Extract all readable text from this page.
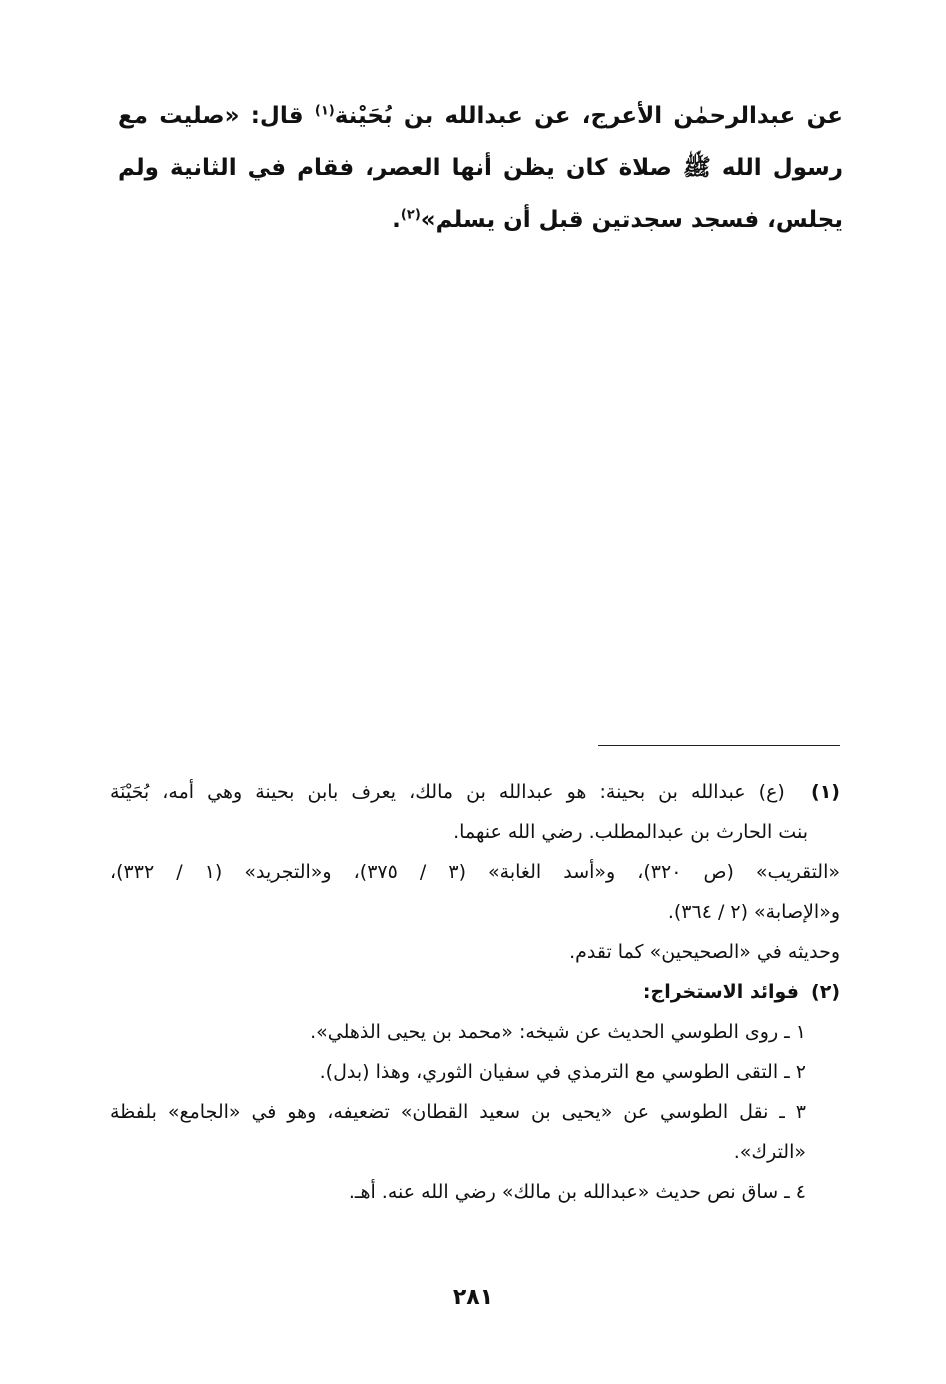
عن عبدالرحمٰن الأعرج، عن عبدالله بن بُحَيْنة$^{(١)}$ قال: «صليت مع رسول الله ﷺ صلاة كان يظن أنها العصر، فقام في الثانية ولم يجلس، فسجد سجدتين قبل أن يسلم»$^{(٢)}$.

(١)  (ع) عبدالله بن بحينة: هو عبدالله بن مالك، يعرف بابن بحينة وهي أمه، بُحَيْنَة
بنت الحارث بن عبدالمطلب. رضي الله عنهما.
«التقريب» (ص ٣٢٠)، و«أسد الغابة» (٣ / ٣٧٥)، و«التجريد» (١ / ٣٣٢)،
و«الإصابة» (٢ / ٣٦٤).
وحديثه في «الصحيحين» كما تقدم.
(٢)  فوائد الاستخراج:
١ ـ روى الطوسي الحديث عن شيخه: «محمد بن يحيى الذهلي».
٢ ـ التقى الطوسي مع الترمذي في سفيان الثوري، وهذا (بدل).
٣ ـ نقل الطوسي عن «يحيى بن سعيد القطان» تضعيفه، وهو في «الجامع» بلفظة
«الترك».
٤ ـ ساق نص حديث «عبدالله بن مالك» رضي الله عنه. أهـ.
٢٨١
